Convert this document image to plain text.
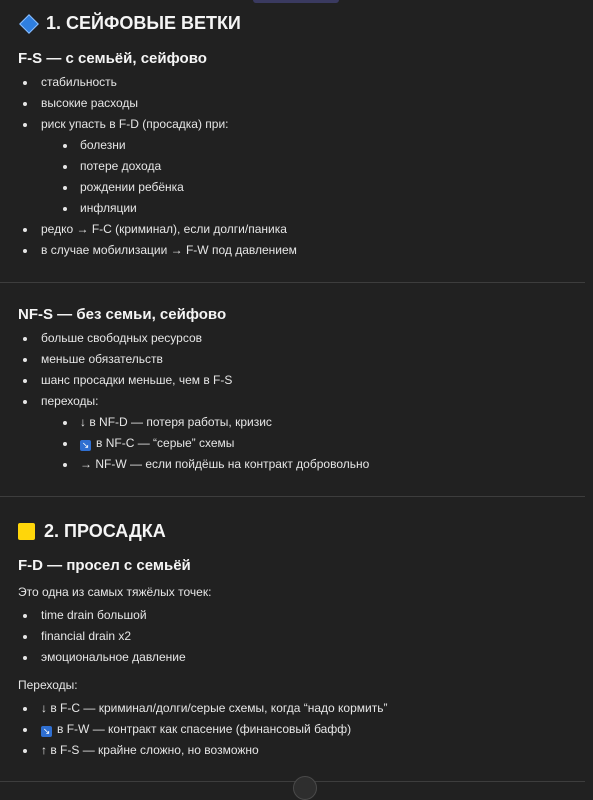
1. СЕЙФОВЫЕ ВЕТКИ
F-S — с семьёй, сейфово
стабильность
высокие расходы
риск упасть в F-D (просадка) при:
болезни
потере дохода
рождении ребёнка
инфляции
редко → F-C (криминал), если долги/паника
в случае мобилизации → F-W под давлением
NF-S — без семьи, сейфово
больше свободных ресурсов
меньше обязательств
шанс просадки меньше, чем в F-S
переходы:
↓ в NF-D — потеря работы, кризис
↘ в NF-C — “серые” схемы
→ NF-W — если пойдёшь на контракт добровольно
2. ПРОСАДКА
F-D — просел с семьёй

Это одна из самых тяжёлых точек:

time drain большой
financial drain x2
эмоциональное давление

Переходы:

↓ в F-C — криминал/долги/серые схемы, когда “надо кормить”
↘ в F-W — контракт как спасение (финансовый бафф)
↑ в F-S — крайне сложно, но возможно
